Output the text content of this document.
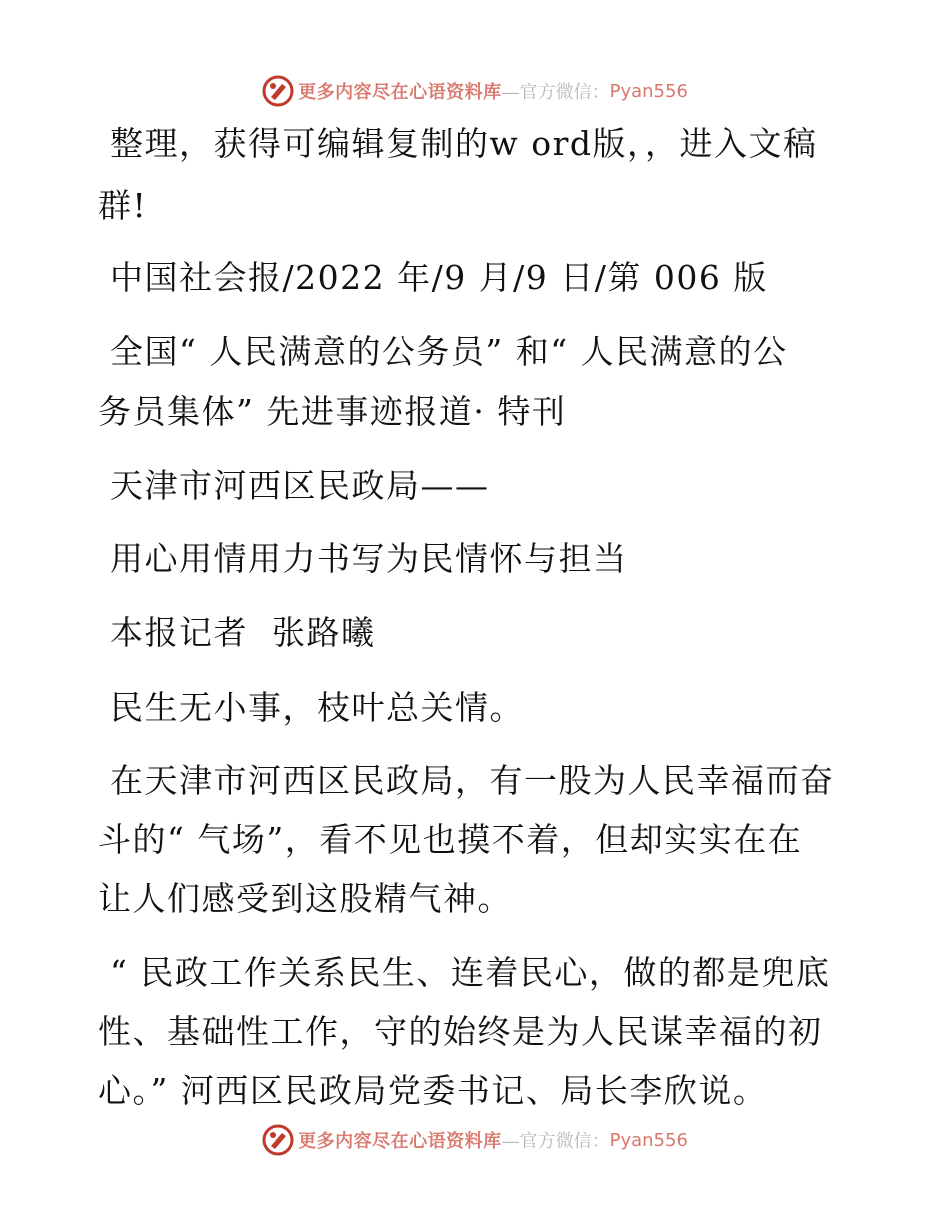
更多内容尽在心语资料库 —官方微信： Pyan556
整理，获得可编辑复制的w ord版，，进入文稿
群!
中国社会报/2022 年/9 月/9 日/第 006 版
全国“ 人民满意的公务员” 和“ 人民满意的公
务员集体” 先进事迹报道· 特刊
天津市河西区民政局——
用心用情用力书写为民情怀与担当
本报记者  张路曦
民生无小事，枝叶总关情。
在天津市河西区民政局，有一股为人民幸福而奋
斗的“ 气场”，看不见也摸不着，但却实实在在
让人们感受到这股精气神。
“ 民政工作关系民生、连着民心，做的都是兜底
性、基础性工作，守的始终是为人民谋幸福的初
心。” 河西区民政局党委书记、局长李欣说。
更多内容尽在心语资料库 —官方微信： Pyan556
